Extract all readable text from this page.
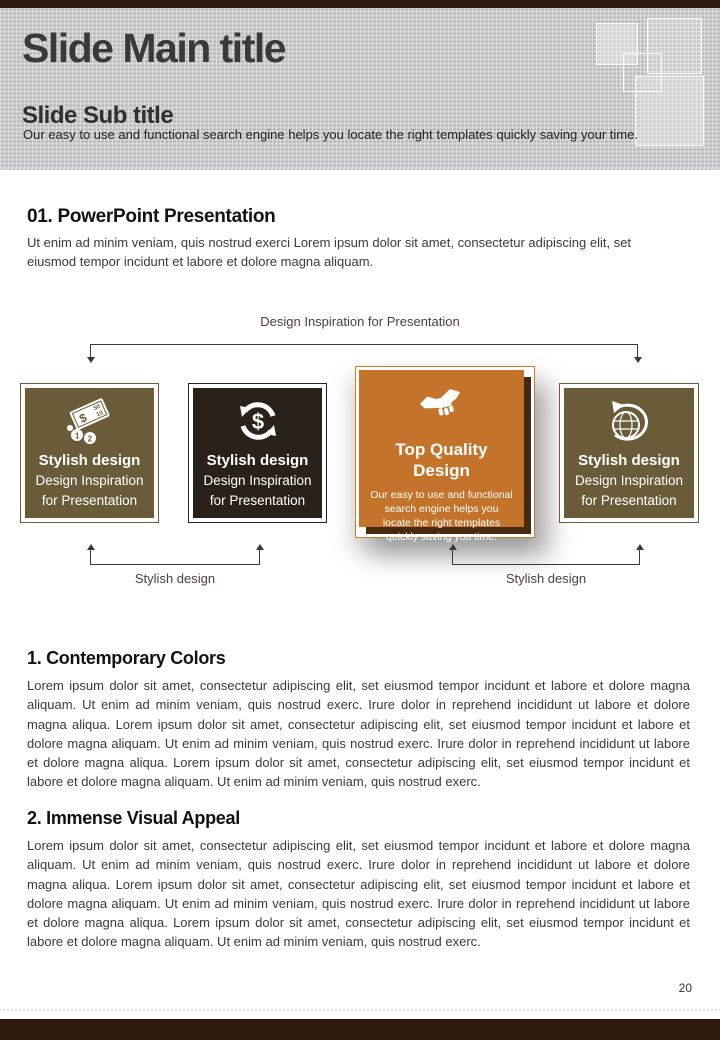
Slide Main title
Slide Sub title
Our easy to use and functional search engine helps you locate the right templates quickly saving your time.
01. PowerPoint Presentation
Ut enim ad minim veniam, quis nostrud exerci Lorem ipsum dolor sit amet, consectetur adipiscing elit, set eiusmod tempor incidunt et labore et dolore magna aliquam.
Design Inspiration for Presentation
$
50
10
1 2
Stylish design
Design Inspiration for Presentation
$
Stylish design
Design Inspiration for Presentation
Top Quality Design
Our easy to use and functional search engine helps you locate the right templates quickly saving you time.
Stylish design
Design Inspiration for Presentation
Stylish design	Stylish design
1. Contemporary Colors
Lorem ipsum dolor sit amet, consectetur adipiscing elit, set eiusmod tempor incidunt et labore et dolore magna aliquam. Ut enim ad minim veniam, quis nostrud exerc. Irure dolor in reprehend incididunt ut labore et dolore magna aliqua. Lorem ipsum dolor sit amet, consectetur adipiscing elit, set eiusmod tempor incidunt et labore et dolore magna aliquam. Ut enim ad minim veniam, quis nostrud exerc. Irure dolor in reprehend incididunt ut labore et dolore magna aliqua. Lorem ipsum dolor sit amet, consectetur adipiscing elit, set eiusmod tempor incidunt et labore et dolore magna aliquam. Ut enim ad minim veniam, quis nostrud exerc.
2. Immense Visual Appeal
Lorem ipsum dolor sit amet, consectetur adipiscing elit, set eiusmod tempor incidunt et labore et dolore magna aliquam. Ut enim ad minim veniam, quis nostrud exerc. Irure dolor in reprehend incididunt ut labore et dolore magna aliqua. Lorem ipsum dolor sit amet, consectetur adipiscing elit, set eiusmod tempor incidunt et labore et dolore magna aliquam. Ut enim ad minim veniam, quis nostrud exerc. Irure dolor in reprehend incididunt ut labore et dolore magna aliqua. Lorem ipsum dolor sit amet, consectetur adipiscing elit, set eiusmod tempor incidunt et labore et dolore magna aliquam. Ut enim ad minim veniam, quis nostrud exerc.
20
